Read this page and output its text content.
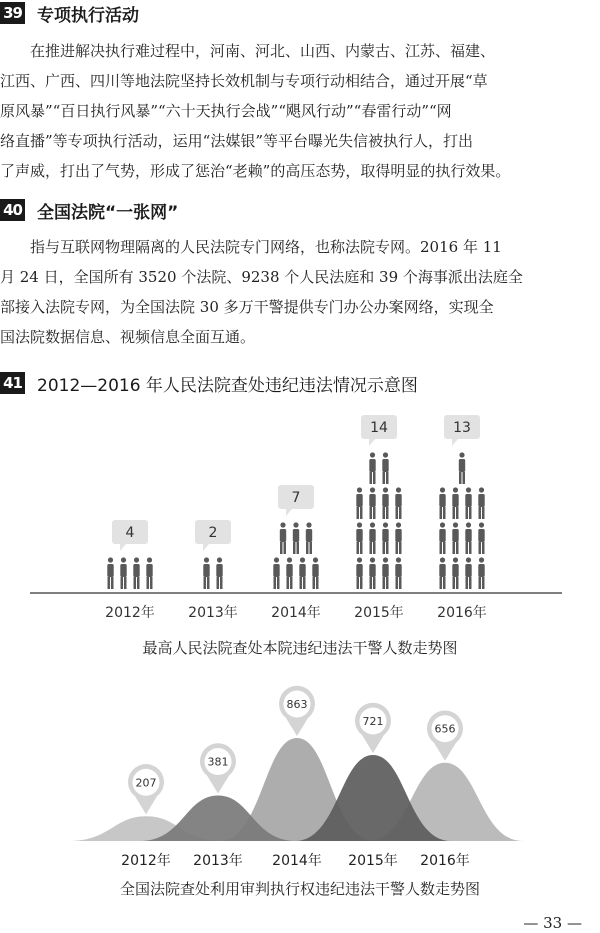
39 专项执行活动
在推进解决执行难过程中，河南、河北、山西、内蒙古、江苏、福建、
江西、广西、四川等地法院坚持长效机制与专项行动相结合，通过开展“草
原风暴”“百日执行风暴”“六十天执行会战”“飓风行动”“春雷行动”“网
络直播”等专项执行活动，运用“法媒银”等平台曝光失信被执行人，打出
了声威，打出了气势，形成了惩治“老赖”的高压态势，取得明显的执行效果。
40 全国法院“一张网”
指与互联网物理隔离的人民法院专门网络，也称法院专网。2016 年 11
月 24 日，全国所有 3520 个法院、9238 个人民法庭和 39 个海事派出法庭全
部接入法院专网，为全国法院 30 多万干警提供专门办公办案网络，实现全
国法院数据信息、视频信息全面互通。
41 2012—2016 年人民法院查处违纪违法情况示意图
4
2012年
2
2013年
7
2014年
14
2015年
13
2016年
最高人民法院查处本院违纪违法干警人数走势图
207
2012年
381
2013年
863
2014年
721
2015年
656
2016年
全国法院查处利用审判执行权违纪违法干警人数走势图
— 33 —
